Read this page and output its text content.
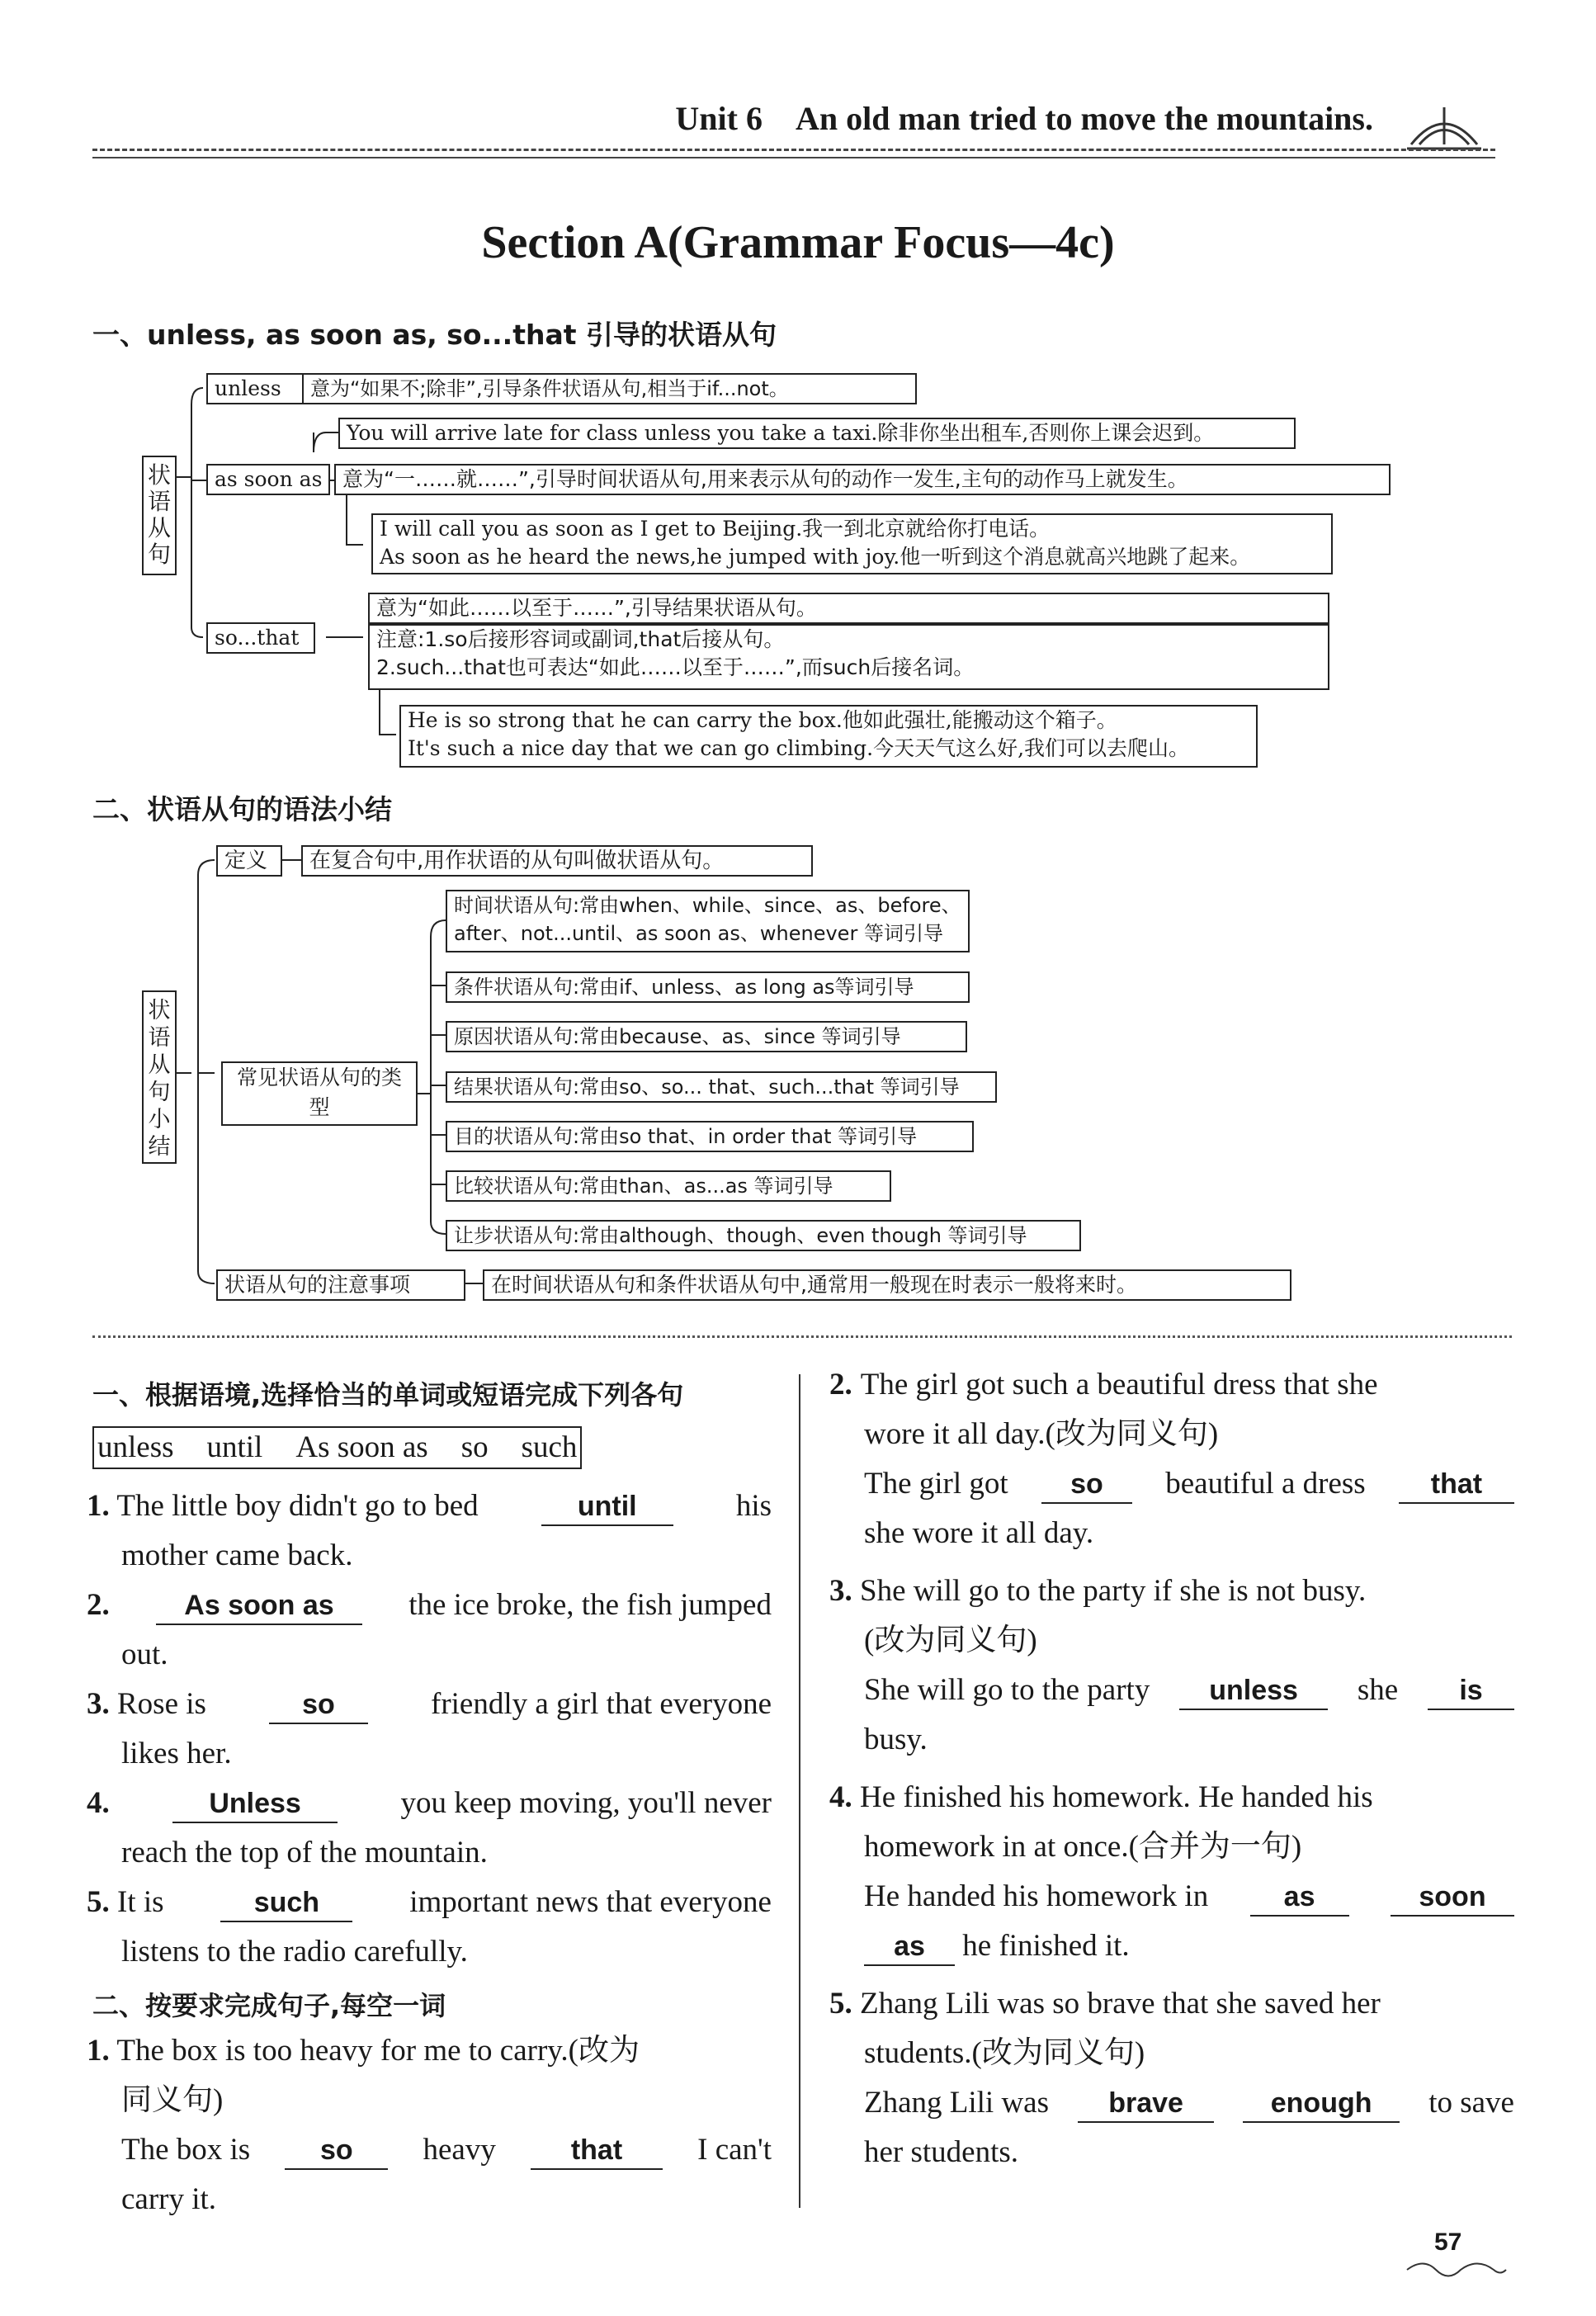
Unit 6 An old man tried to move the mountains.
Section A(Grammar Focus—4c)
一、unless, as soon as, so...that 引导的状语从句
状语从句
unless	意为“如果不;除非”,引导条件状语从句,相当于if...not。
You will arrive late for class unless you take a taxi.除非你坐出租车,否则你上课会迟到。
as soon as 意为“一……就……”,引导时间状语从句,用来表示从句的动作一发生,主句的动作马上就发生。
I will call you as soon as I get to Beijing.我一到北京就给你打电话。
As soon as he heard the news,he jumped with joy.他一听到这个消息就高兴地跳了起来。
so...that
意为“如此……以至于……”,引导结果状语从句。
注意:1.so后接形容词或副词,that后接从句。
2.such...that也可表达“如此……以至于……”,而such后接名词。
He is so strong that he can carry the box.他如此强壮,能搬动这个箱子。
It's such a nice day that we can go climbing.今天天气这么好,我们可以去爬山。
二、状语从句的语法小结
状语从句小结
定义	在复合句中,用作状语的从句叫做状语从句。
常见状语从句的类型
时间状语从句:常由when、while、since、as、before、
after、not...until、as soon as、whenever 等词引导
条件状语从句:常由if、unless、as long as等词引导
原因状语从句:常由because、as、since 等词引导
结果状语从句:常由so、so... that、such...that 等词引导
目的状语从句:常由so that、in order that 等词引导
比较状语从句:常由than、as...as 等词引导
让步状语从句:常由although、though、even though 等词引导
状语从句的注意事项	在时间状语从句和条件状语从句中,通常用一般现在时表示一般将来时。
一、根据语境,选择恰当的单词或短语完成下列各句
unless until As soon as so such
1. The little boy didn't go to bed	until	his
mother came back.
2.	As soon as	the ice broke, the fish jumped
out.
3. Rose is	so	friendly a girl that everyone
likes her.
4.	Unless	you keep moving, you'll never
reach the top of the mountain.
5. It is	such	important news that everyone
listens to the radio carefully.
二、按要求完成句子,每空一词
1. The box is too heavy for me to carry.(改为
同义句)
The box is	so	heavy	that	I can't
carry it.
2. The girl got such a beautiful dress that she
wore it all day.(改为同义句)
The girl got	so	beautiful a dress	that
she wore it all day.
3. She will go to the party if she is not busy.
(改为同义句)
She will go to the party	unless	she	is
busy.
4. He finished his homework. He handed his
homework in at once.(合并为一句)
He handed his homework in	as	soon
as he finished it.
5. Zhang Lili was so brave that she saved her
students.(改为同义句)
Zhang Lili was	brave	enough	to save
her students.
57
